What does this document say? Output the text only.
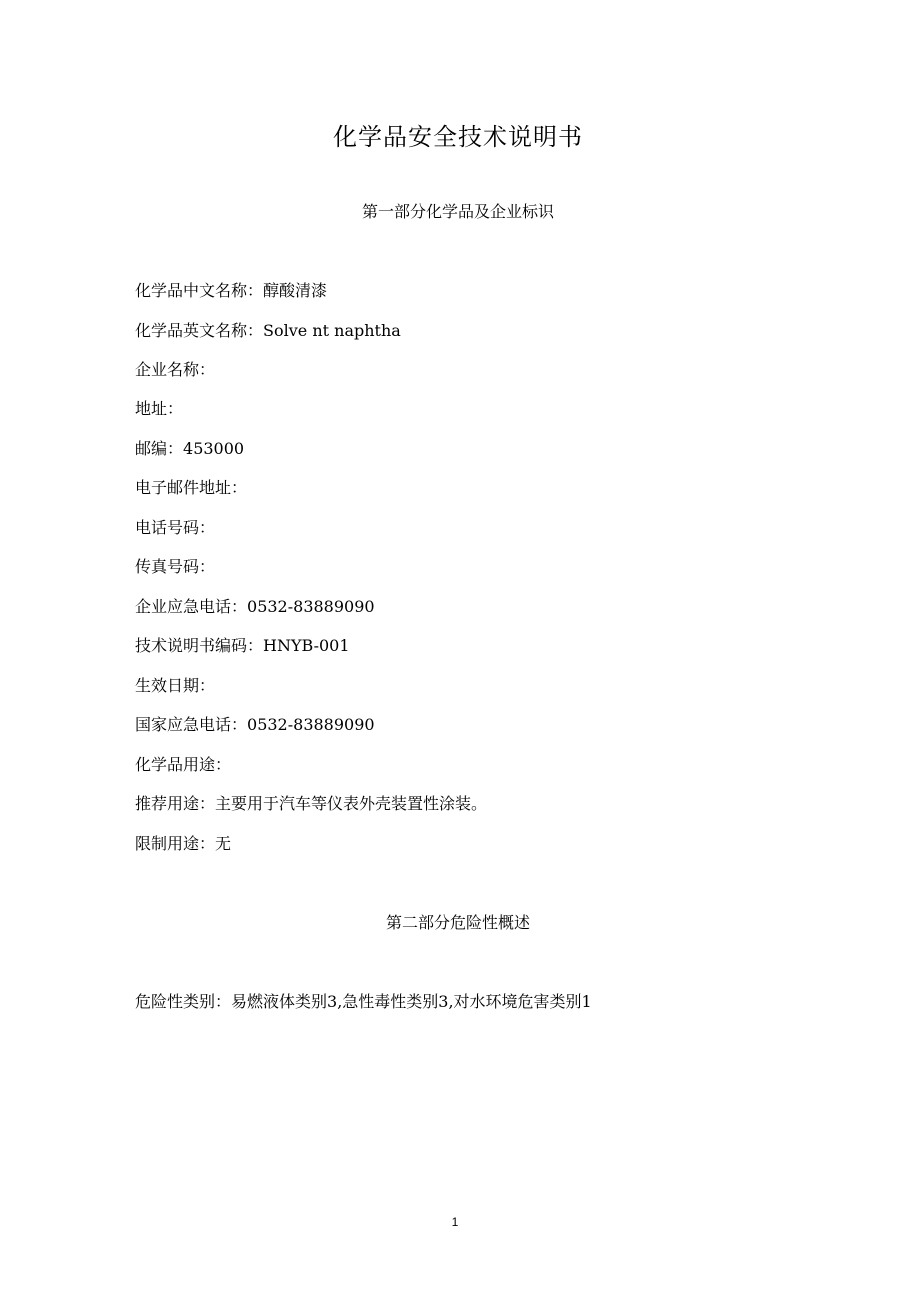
化学品安全技术说明书
第一部分化学品及企业标识
化学品中文名称：醇酸清漆
化学品英文名称：Solve nt naphtha
企业名称：
地址：
邮编：453000
电子邮件地址：
电话号码：
传真号码：
企业应急电话：0532-83889090
技术说明书编码：HNYB-001
生效日期：
国家应急电话：0532-83889090
化学品用途：
推荐用途：主要用于汽车等仪表外壳装置性涂装。
限制用途：无
第二部分危险性概述
危险性类别：易燃液体类别3,急性毒性类别3,对水环境危害类别1
1
